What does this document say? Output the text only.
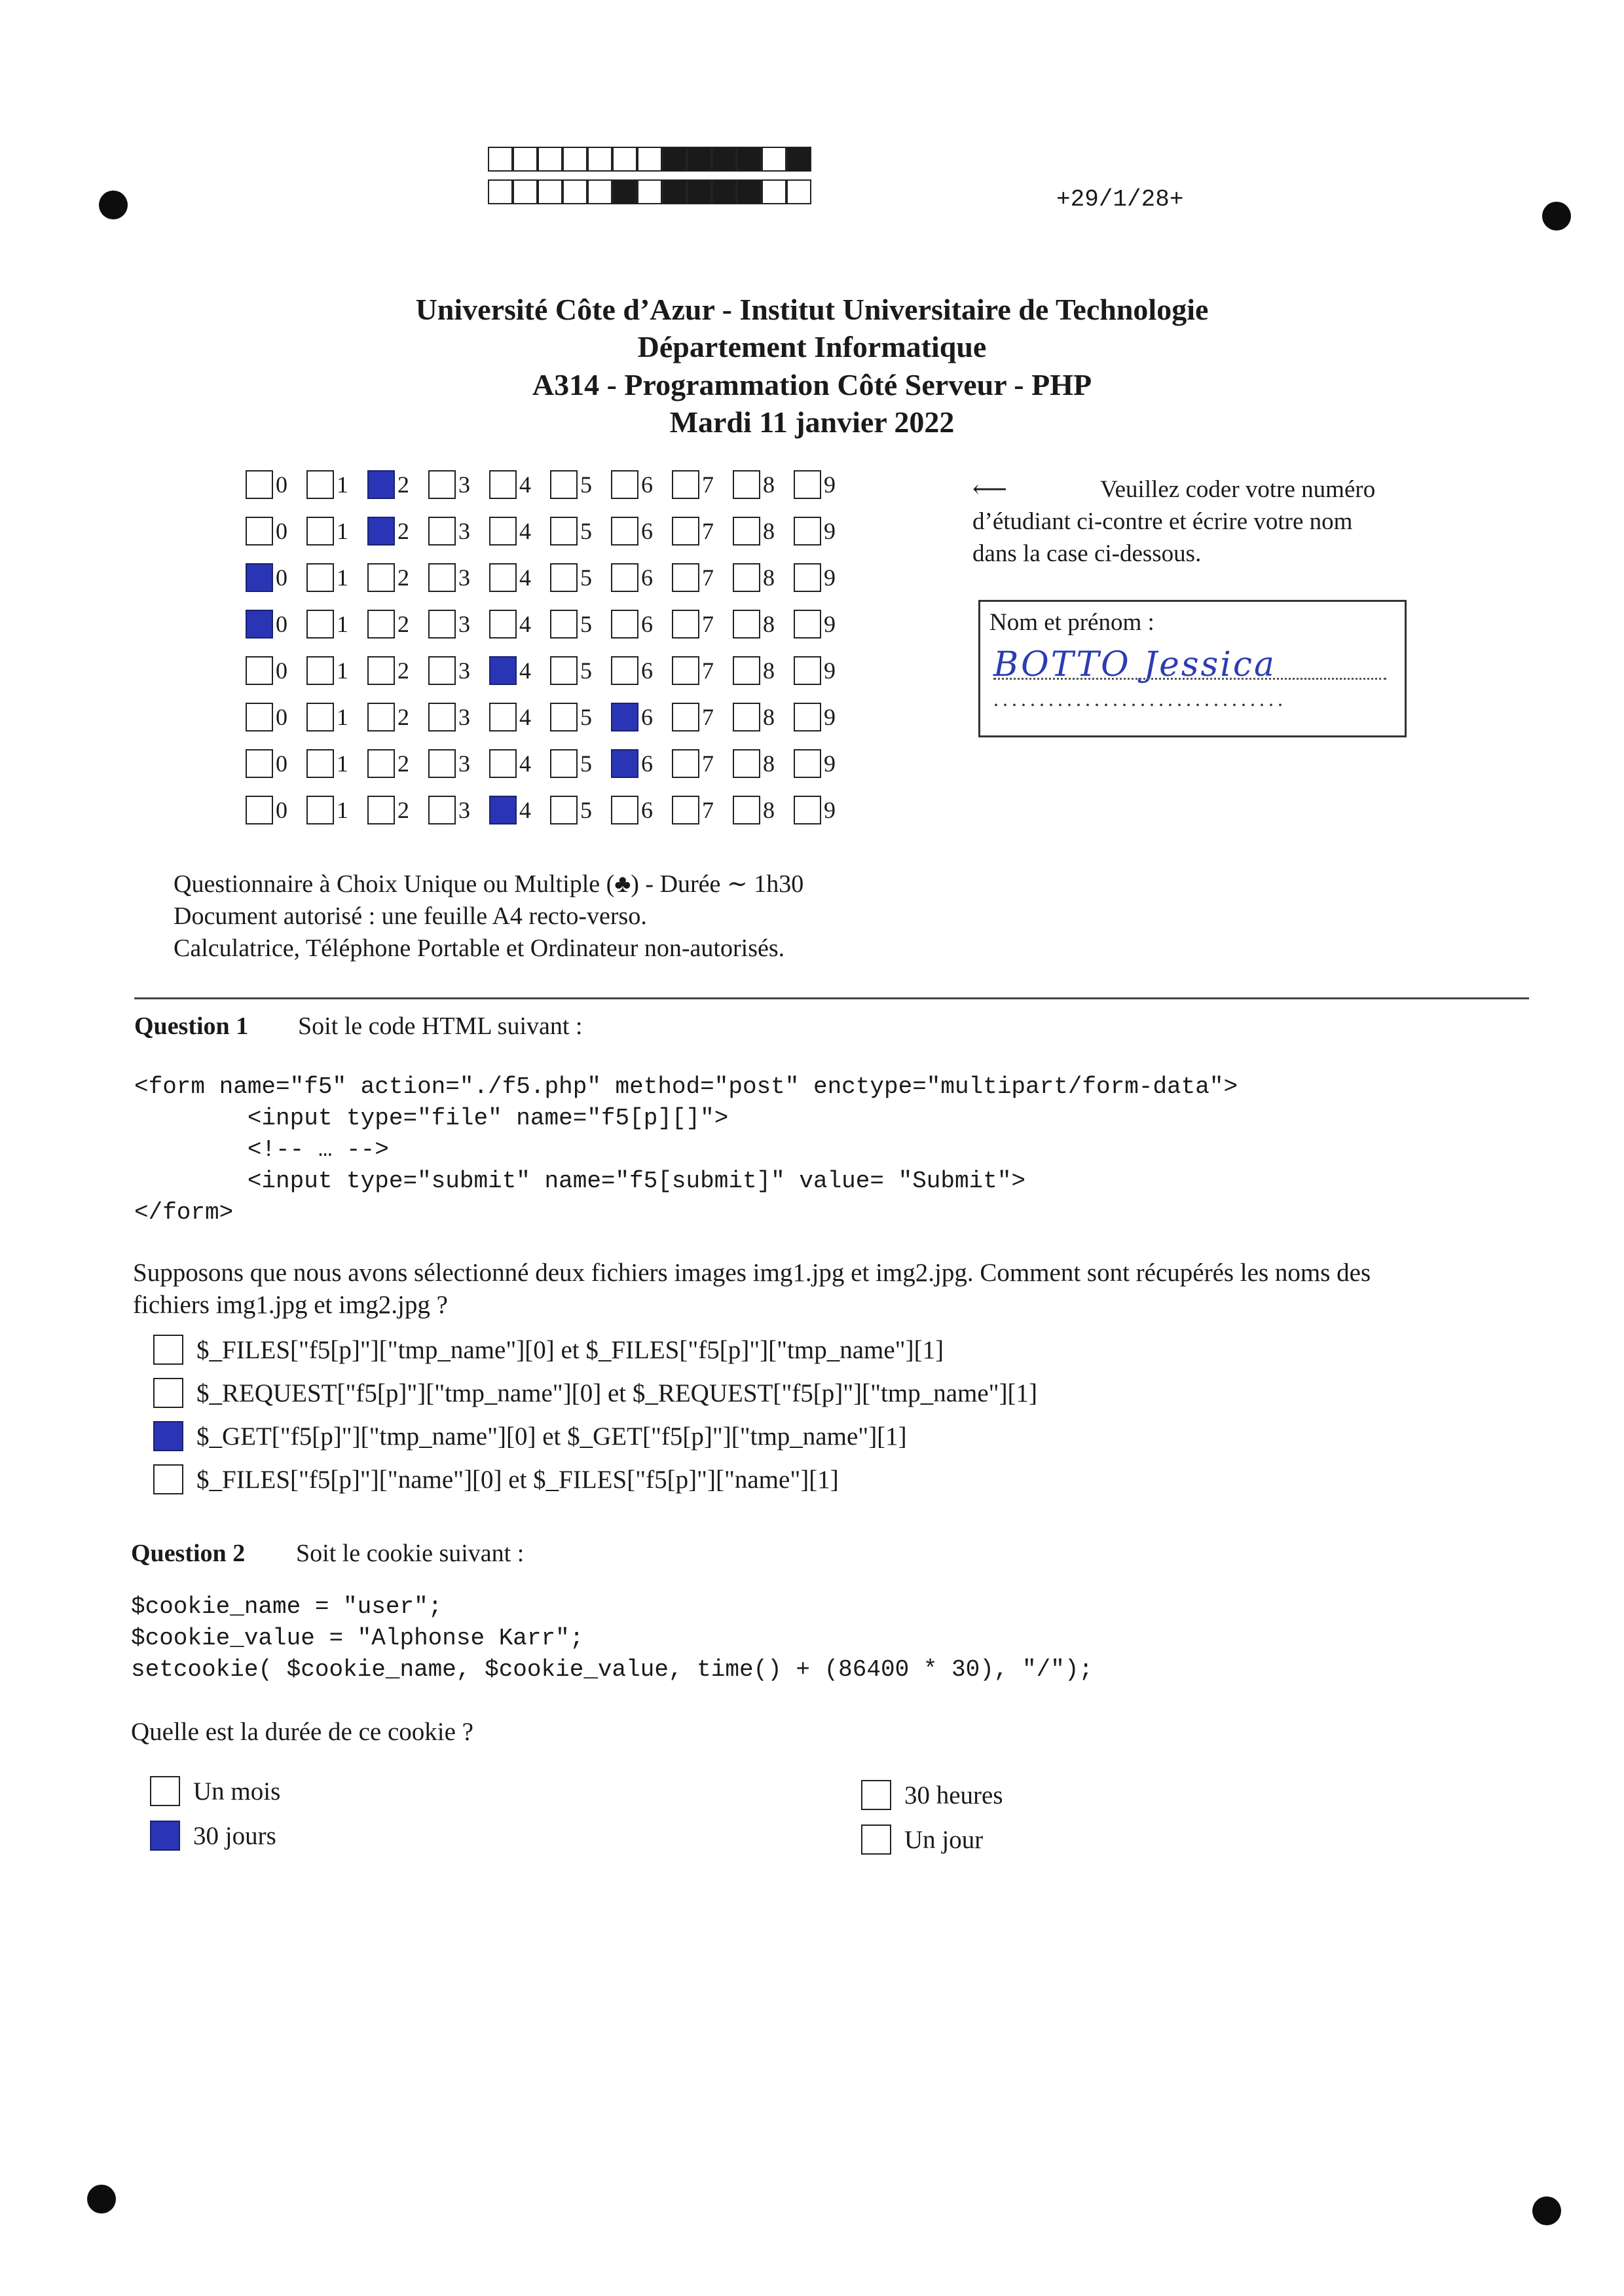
+29/1/28+
Université Côte d’Azur - Institut Universitaire de Technologie
Département Informatique
A314 - Programmation Côté Serveur - PHP
Mardi 11 janvier 2022
0 1 2 3 4 5 6 7 8 9
0 1 2 3 4 5 6 7 8 9
0 1 2 3 4 5 6 7 8 9
0 1 2 3 4 5 6 7 8 9
0 1 2 3 4 5 6 7 8 9
0 1 2 3 4 5 6 7 8 9
0 1 2 3 4 5 6 7 8 9
0 1 2 3 4 5 6 7 8 9
⟵	Veuillez coder votre numéro
d’étudiant ci-contre et écrire votre nom
dans la case ci-dessous.
Nom et prénom :
BOTTO Jessica
................................
Questionnaire à Choix Unique ou Multiple (♣) - Durée ∼ 1h30
Document autorisé : une feuille A4 recto-verso.
Calculatrice, Téléphone Portable et Ordinateur non-autorisés.
Question 1 Soit le code HTML suivant :
<form name="f5" action="./f5.php" method="post" enctype="multipart/form-data">
<input type="file" name="f5[p][]">
<!-- … -->
<input type="submit" name="f5[submit]" value= "Submit">
</form>
Supposons que nous avons sélectionné deux fichiers images img1.jpg et img2.jpg. Comment sont récupérés les noms des
fichiers img1.jpg et img2.jpg ?
$_FILES["f5[p]"]["tmp_name"][0] et $_FILES["f5[p]"]["tmp_name"][1]
$_REQUEST["f5[p]"]["tmp_name"][0] et $_REQUEST["f5[p]"]["tmp_name"][1]
$_GET["f5[p]"]["tmp_name"][0] et $_GET["f5[p]"]["tmp_name"][1]
$_FILES["f5[p]"]["name"][0] et $_FILES["f5[p]"]["name"][1]
Question 2 Soit le cookie suivant :
$cookie_name = "user";
$cookie_value = "Alphonse Karr";
setcookie( $cookie_name, $cookie_value, time() + (86400 * 30), "/");
Quelle est la durée de ce cookie ?
Un mois
30 jours
30 heures
Un jour
